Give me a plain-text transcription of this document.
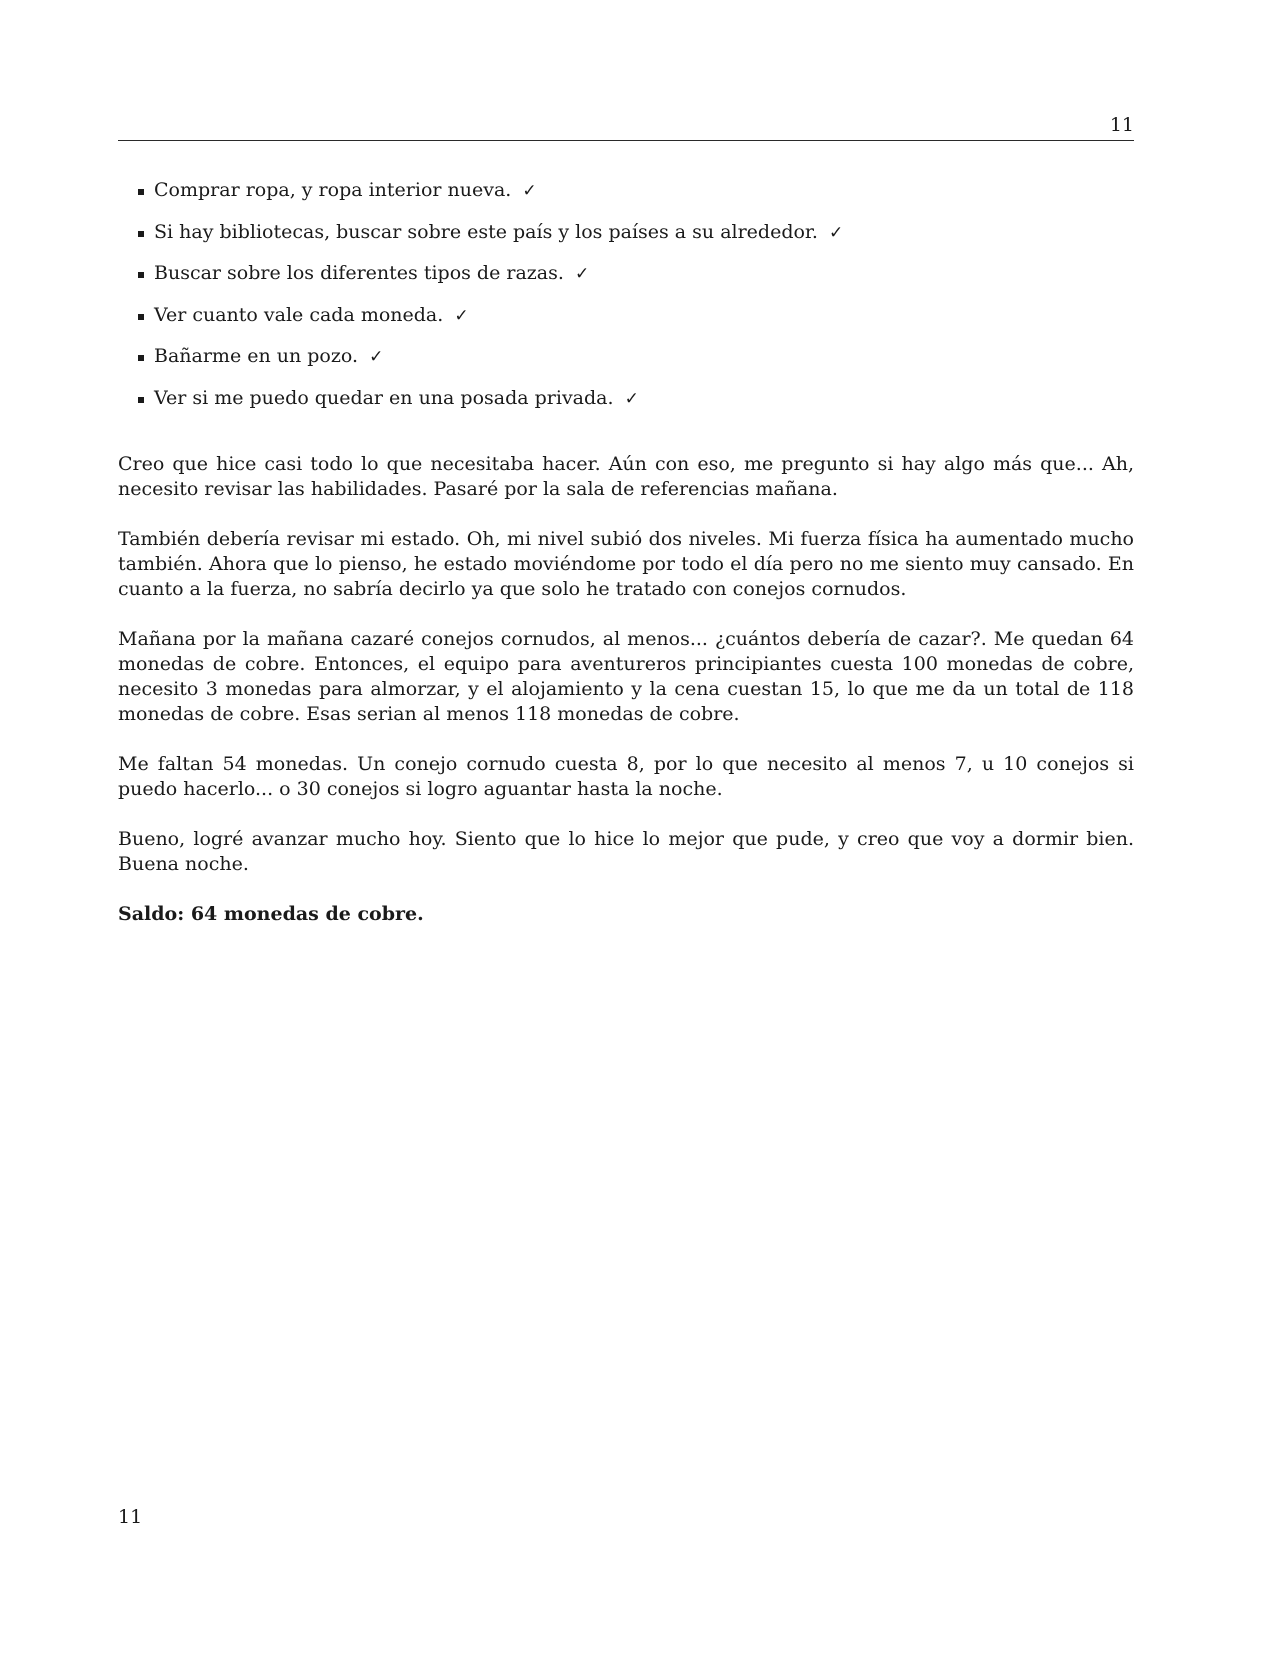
11
Comprar ropa, y ropa interior nueva. ✓
Si hay bibliotecas, buscar sobre este país y los países a su alrededor. ✓
Buscar sobre los diferentes tipos de razas. ✓
Ver cuanto vale cada moneda. ✓
Bañarme en un pozo. ✓
Ver si me puedo quedar en una posada privada. ✓

Creo que hice casi todo lo que necesitaba hacer. Aún con eso, me pregunto si hay algo más que... Ah, necesito revisar las habilidades. Pasaré por la sala de referencias mañana.

También debería revisar mi estado. Oh, mi nivel subió dos niveles. Mi fuerza física ha aumentado mucho también. Ahora que lo pienso, he estado moviéndome por todo el día pero no me siento muy cansado. En cuanto a la fuerza, no sabría decirlo ya que solo he tratado con conejos cornudos.

Mañana por la mañana cazaré conejos cornudos, al menos... ¿cuántos debería de cazar?. Me quedan 64 monedas de cobre. Entonces, el equipo para aventureros principiantes cuesta 100 monedas de cobre, necesito 3 monedas para almorzar, y el alojamiento y la cena cuestan 15, lo que me da un total de 118 monedas de cobre. Esas serian al menos 118 monedas de cobre.

Me faltan 54 monedas. Un conejo cornudo cuesta 8, por lo que necesito al menos 7, u 10 conejos si puedo hacerlo... o 30 conejos si logro aguantar hasta la noche.

Bueno, logré avanzar mucho hoy. Siento que lo hice lo mejor que pude, y creo que voy a dormir bien. Buena noche.

Saldo: 64 monedas de cobre.

11
